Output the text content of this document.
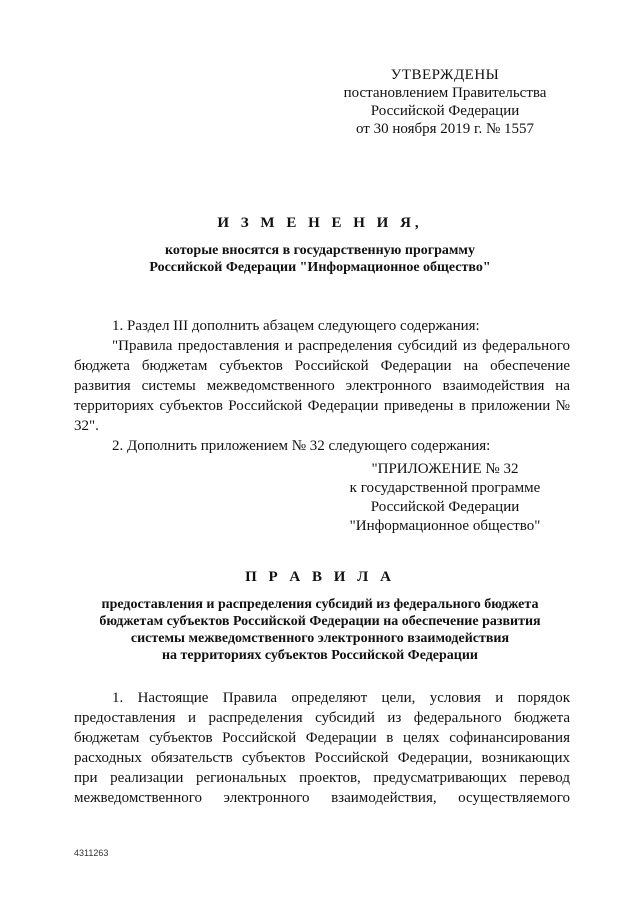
УТВЕРЖДЕНЫ
постановлением Правительства
Российской Федерации
от 30 ноября 2019 г. № 1557
И З М Е Н Е Н И Я,
которые вносятся в государственную программу
Российской Федерации "Информационное общество"

1. Раздел III дополнить абзацем следующего содержания:

"Правила предоставления и распределения субсидий из федерального бюджета бюджетам субъектов Российской Федерации на обеспечение развития системы межведомственного электронного взаимодействия на территориях субъектов Российской Федерации приведены в приложении № 32".

2. Дополнить приложением № 32 следующего содержания:

"ПРИЛОЖЕНИЕ № 32
к государственной программе
Российской Федерации
"Информационное общество"
П Р А В И Л А
предоставления и распределения субсидий из федерального бюджета
бюджетам субъектов Российской Федерации на обеспечение развития
системы межведомственного электронного взаимодействия
на территориях субъектов Российской Федерации

1. Настоящие Правила определяют цели, условия и порядок предоставления и распределения субсидий из федерального бюджета бюджетам субъектов Российской Федерации в целях софинансирования расходных обязательств субъектов Российской Федерации, возникающих при реализации региональных проектов, предусматривающих перевод межведомственного электронного взаимодействия, осуществляемого

4311263
